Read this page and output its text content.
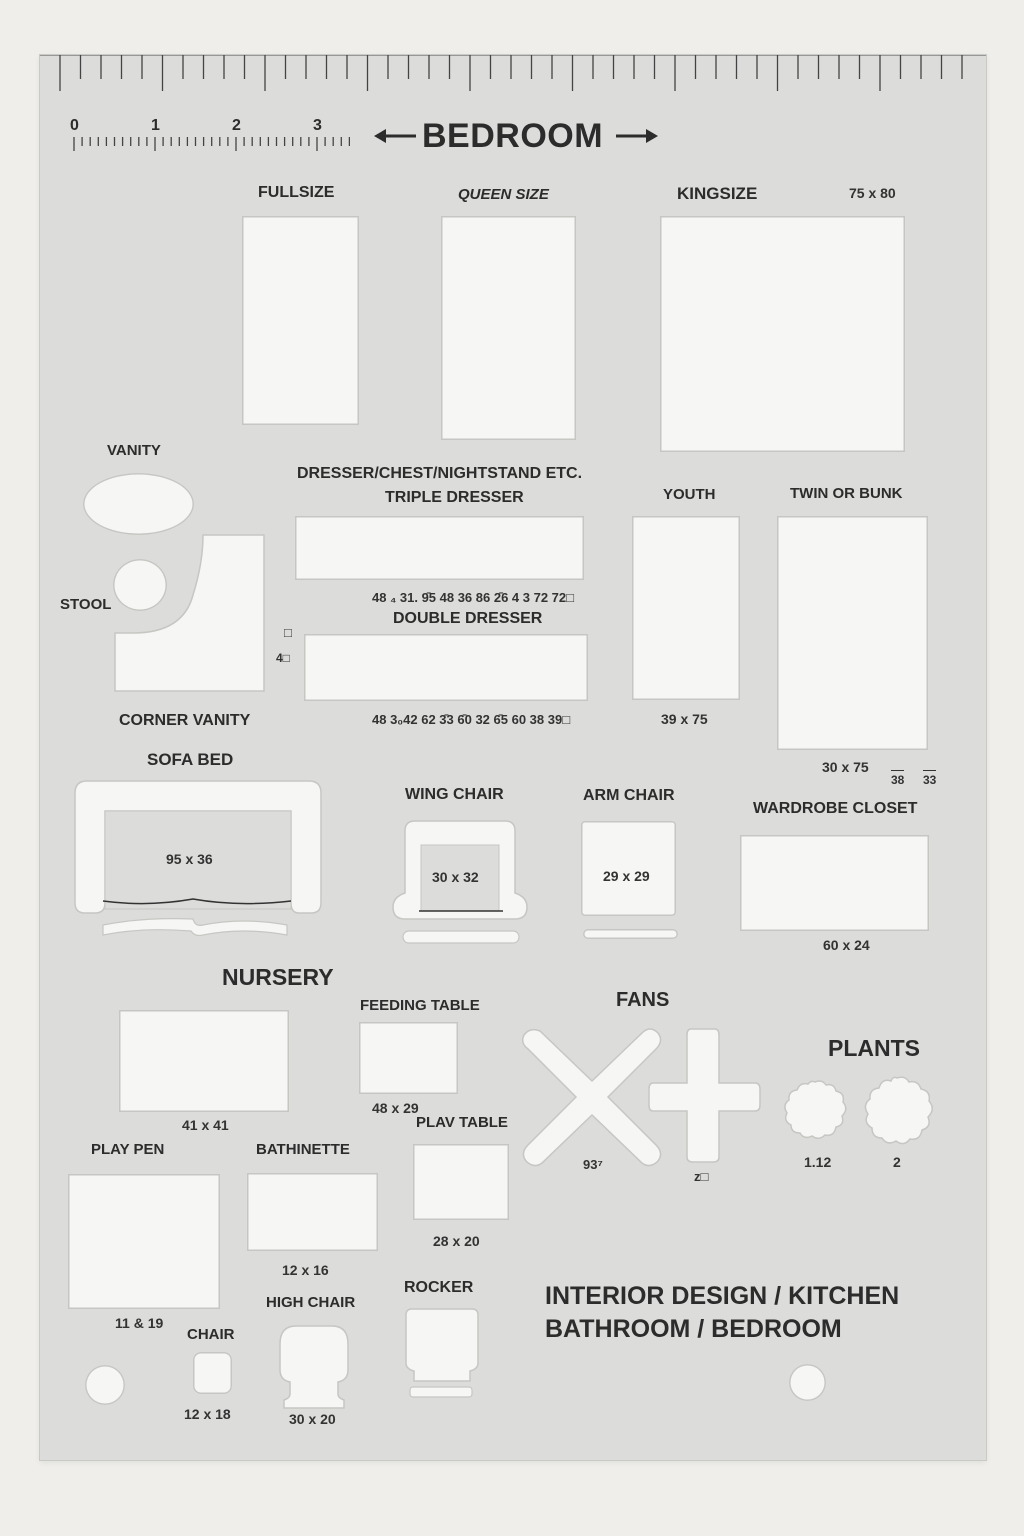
0	1	2	3	BEDROOM
FULLSIZE	QUEEN SIZE	KINGSIZE	75 x 80
VANITY
STOOL
CORNER VANITY
DRESSER/CHEST/NIGHTSTAND ETC.
TRIPLE DRESSER
48 ₄ 31. 9̄5 48 36 86 2̄6 4 3 72 72□
DOUBLE DRESSER
□
4□
48 3₀42 62 3̄3 6̄0 32 6̄5 60 38 39□
YOUTH
39 x 75
TWIN OR BUNK
30 x 75
38 33
SOFA BED
95 x 36
WING CHAIR
30 x 32
ARM CHAIR
29 x 29
WARDROBE CLOSET
60 x 24
NURSERY
41 x 41
FEEDING TABLE
48 x 29
PLAV TABLE
28 x 20
PLAY PEN
11 & 19
BATHINETTE
12 x 16
HIGH CHAIR
30 x 20
CHAIR
12 x 18
ROCKER
FANS
93⁷
z□
PLANTS
1.12	2
INTERIOR DESIGN / KITCHEN
BATHROOM / BEDROOM
